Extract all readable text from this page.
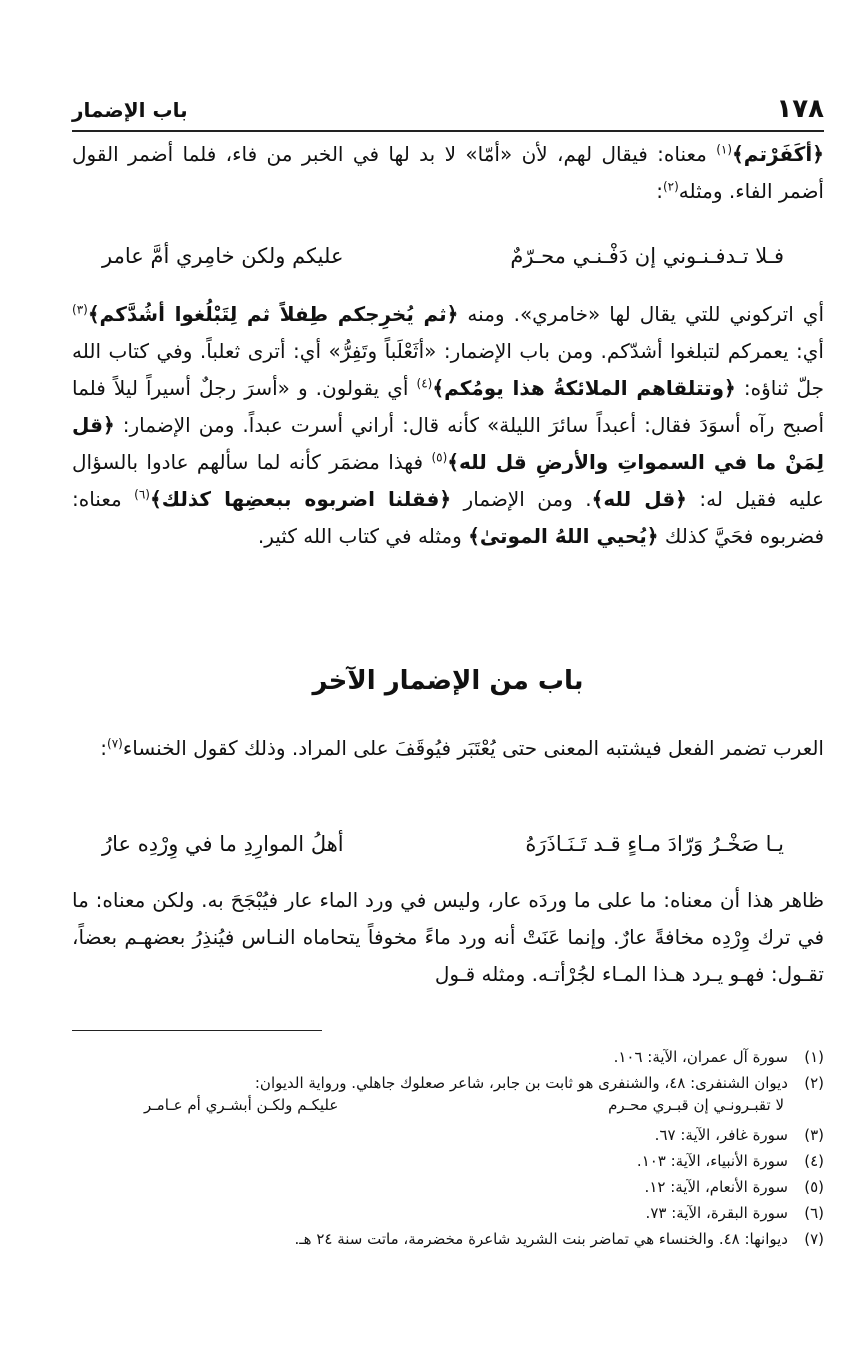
١٧٨
باب الإضمار

﴿أكَفَرْتم﴾$^{(١)}$ معناه: فيقال لهم، لأن «أمّا» لا بد لها في الخبر من فاء، فلما أضمر القول أضمر الفاء. ومثله$^{(٢)}$:

فـلا تـدفـنـوني إن دَفْـنـي محـرّمٌ
عليكم ولكن خامِري أمَّ عامر

أي اتركوني للتي يقال لها «خامري». ومنه ﴿ثم يُخرِجكم طِفلاً ثم لِتَبْلُغوا أشُدَّكم﴾$^{(٣)}$ أي: يعمركم لتبلغوا أشدّكم. ومن باب الإضمار: «أثَعْلَباً وتَفِرُّ» أي: أترى ثعلباً. وفي كتاب الله جلّ ثناؤه: ﴿وتتلقاهم الملائكةُ هذا يومُكم﴾$^{(٤)}$ أي يقولون. و «أسرَ رجلٌ أسيراً ليلاً فلما أصبح رآه أسوَدَ فقال: أعبداً سائرَ الليلة» كأنه قال: أراني أسرت عبداً. ومن الإضمار: ﴿قل لِمَنْ ما في السمواتِ والأرضِ قل لله﴾$^{(٥)}$ فهذا مضمَر كأنه لما سألهم عادوا بالسؤال عليه فقيل له: ﴿قل لله﴾. ومن الإضمار ﴿فقلنا اضربوه ببعضِها كذلك﴾$^{(٦)}$ معناه: فضربوه فحَيَّ كذلك ﴿يُحيي اللهُ الموتىٰ﴾ ومثله في كتاب الله كثير.

باب من الإضمار الآخر

العرب تضمر الفعل فيشتبه المعنى حتى يُعْتَبَر فيُوقَفَ على المراد. وذلك كقول الخنساء$^{(٧)}$:

يـا صَخْـرُ وَرّادَ مـاءٍ قـد تَـنَـاذَرَهُ
أهلُ الموارِدِ ما في وِرْدِه عارُ

ظاهر هذا أن معناه: ما على ما وردَه عار، وليس في ورد الماء عار فيُبْجَحَ به. ولكن معناه: ما في ترك وِرْدِه مخافةً عارٌ. وإنما عَنَتْ أنه ورد ماءً مخوفاً يتحاماه النـاس فيُنذِرُ بعضهـم بعضاً، تقـول: فهـو يـرد هـذا المـاء لجُرْأتـه. ومثله قـول

(١)سورة آل عمران، الآية: ١٠٦.

(٢)ديوان الشنفرى: ٤٨، والشنفرى هو ثابت بن جابر، شاعر صعلوك جاهلي. ورواية الديوان:

لا تقبـرونـي إن قبـري محـرم
عليكـم ولكـن أبشـري أم عـامـر

(٣)سورة غافر، الآية: ٦٧.

(٤)سورة الأنبياء، الآية: ١٠٣.

(٥)سورة الأنعام، الآية: ١٢.

(٦)سورة البقرة، الآية: ٧٣.

(٧)ديوانها: ٤٨. والخنساء هي تماضر بنت الشريد شاعرة مخضرمة، ماتت سنة ٢٤ هـ.
